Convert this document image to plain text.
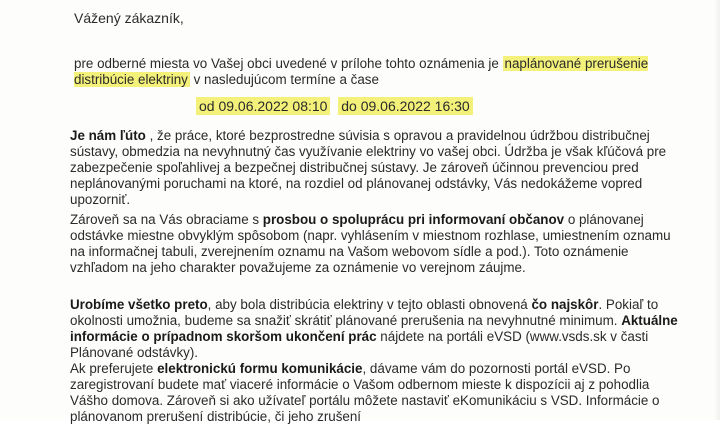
Vážený zákazník,

pre odberné miesta vo Vašej obci uvedené v prílohe tohto oznámenia je naplánované prerušenie distribúcie elektriny v nasledujúcom termíne a čase

od 09.06.2022 08:10 do 09.06.2022 16:30

Je nám ľúto , že práce, ktoré bezprostredne súvisia s opravou a pravidelnou údržbou distribučnej sústavy, obmedzia na nevyhnutný čas využívanie elektriny vo vašej obci. Údržba je však kľúčová pre zabezpečenie spoľahlivej a bezpečnej distribučnej sústavy. Je zároveň účinnou prevenciou pred neplánovanými poruchami na ktoré, na rozdiel od plánovanej odstávky, Vás nedokážeme vopred upozorniť.

Zároveň sa na Vás obraciame s prosbou o spoluprácu pri informovaní občanov o plánovanej odstávke miestne obvyklým spôsobom (napr. vyhlásením v miestnom rozhlase, umiestnením oznamu na informačnej tabuli, zverejnením oznamu na Vašom webovom sídle a pod.). Toto oznámenie vzhľadom na jeho charakter považujeme za oznámenie vo verejnom záujme.

Urobíme všetko preto, aby bola distribúcia elektriny v tejto oblasti obnovená čo najskôr. Pokiaľ to okolnosti umožnia, budeme sa snažiť skrátiť plánované prerušenia na nevyhnutné minimum. Aktuálne informácie o prípadnom skoršom ukončení prác nájdete na portáli eVSD (www.vsds.sk v časti Plánované odstávky).

Ak preferujete elektronickú formu komunikácie, dávame vám do pozornosti portál eVSD. Po zaregistrovaní budete mať viaceré informácie o Vašom odbernom mieste k dispozícii aj z pohodlia Vášho domova. Zároveň si ako užívateľ portálu môžete nastaviť eKomunikáciu s VSD. Informácie o plánovanom prerušení distribúcie, či jeho zrušení
